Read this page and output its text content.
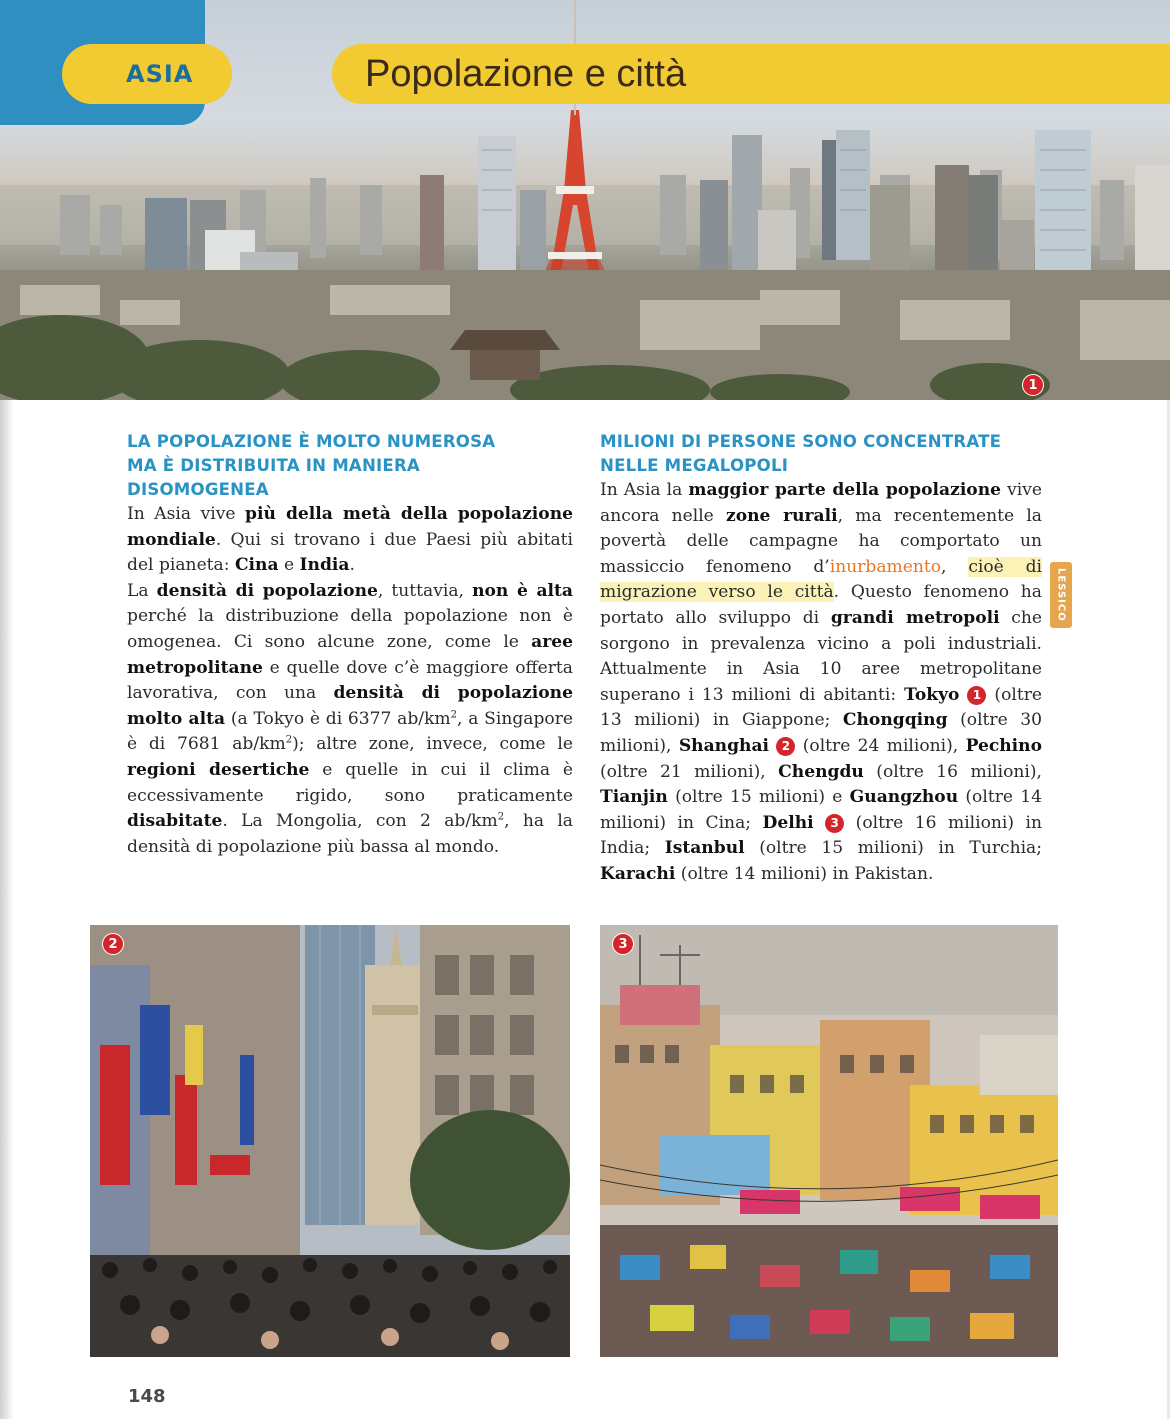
ASIA	Popolazione e città
1
LA POPOLAZIONE È MOLTO NUMEROSA
MA È DISTRIBUITA IN MANIERA
DISOMOGENEA

In Asia vive più della metà della popolazione mondiale. Qui si trovano i due Paesi più abitati del pianeta: Cina e India.

La densità di popolazione, tuttavia, non è alta perché la distribuzione della popolazione non è omogenea. Ci sono alcune zone, come le aree metropolitane e quelle dove c’è maggiore offerta lavorativa, con una densità di popolazione molto alta (a Tokyo è di 6377 $ab/km^2$, a Singapore è di 7681 $ab/km^2$); altre zone, invece, come le regioni desertiche e quelle in cui il clima è eccessivamente rigido, sono praticamente disabitate. La Mongolia, con 2 $ab/km^2$, ha la densità di popolazione più bassa al mondo.

MILIONI DI PERSONE SONO CONCENTRATE
NELLE MEGALOPOLI

In Asia la maggior parte della popolazione vive ancora nelle zone rurali, ma recentemente la povertà delle campagne ha comportato un massiccio fenomeno d’inurbamento, cioè di migrazione verso le città. Questo fenomeno ha portato allo sviluppo di grandi metropoli che sorgono in prevalenza vicino a poli industriali. Attualmente in Asia 10 aree metropolitane superano i 13 milioni di abitanti: Tokyo 1 (oltre 13 milioni) in Giappone; Chongqing (oltre 30 milioni), Shanghai 2 (oltre 24 milioni), Pechino (oltre 21 milioni), Chengdu (oltre 16 milioni), Tianjin (oltre 15 milioni) e Guangzhou (oltre 14 milioni) in Cina; Delhi 3 (oltre 16 milioni) in India; Istanbul (oltre 15 milioni) in Turchia; Karachi (oltre 14 milioni) in Pakistan.

LESSICO
2	3
148
